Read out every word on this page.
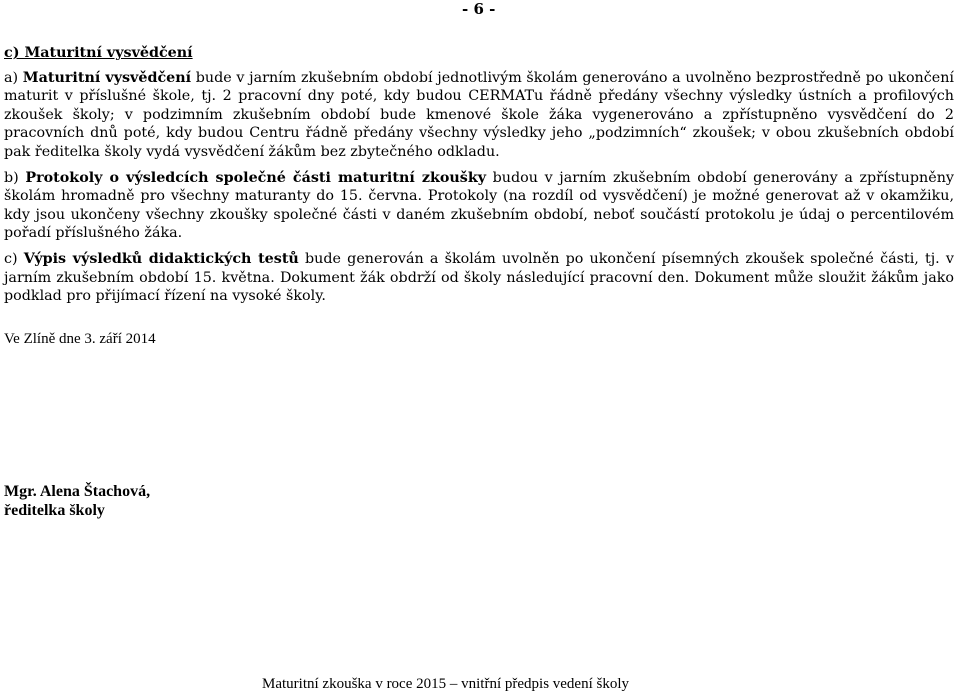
- 6 -
c) Maturitní vysvědčení

a) Maturitní vysvědčení bude v jarním zkušebním období jednotlivým školám generováno a uvolněno bezprostředně po ukončení maturit v příslušné škole, tj. 2 pracovní dny poté, kdy budou CERMATu řádně předány všechny výsledky ústních a profilových zkoušek školy; v podzimním zkušebním období bude kmenové škole žáka vygenerováno a zpřístupněno vysvědčení do 2 pracovních dnů poté, kdy budou Centru řádně předány všechny výsledky jeho „podzimních“ zkoušek; v obou zkušebních období pak ředitelka školy vydá vysvědčení žákům bez zbytečného odkladu.

b) Protokoly o výsledcích společné části maturitní zkoušky budou v jarním zkušebním období generovány a zpřístupněny školám hromadně pro všechny maturanty do 15. června. Protokoly (na rozdíl od vysvědčení) je možné generovat až v okamžiku, kdy jsou ukončeny všechny zkoušky společné části v daném zkušebním období, neboť součástí protokolu je údaj o percentilovém pořadí příslušného žáka.

c) Výpis výsledků didaktických testů bude generován a školám uvolněn po ukončení písemných zkoušek společné části, tj. v jarním zkušebním období 15. května. Dokument žák obdrží od školy následující pracovní den. Dokument může sloužit žákům jako podklad pro přijímací řízení na vysoké školy.

Ve Zlíně dne 3. září 2014
Mgr. Alena Štachová,
ředitelka školy
Maturitní zkouška v roce 2015 – vnitřní předpis vedení školy
